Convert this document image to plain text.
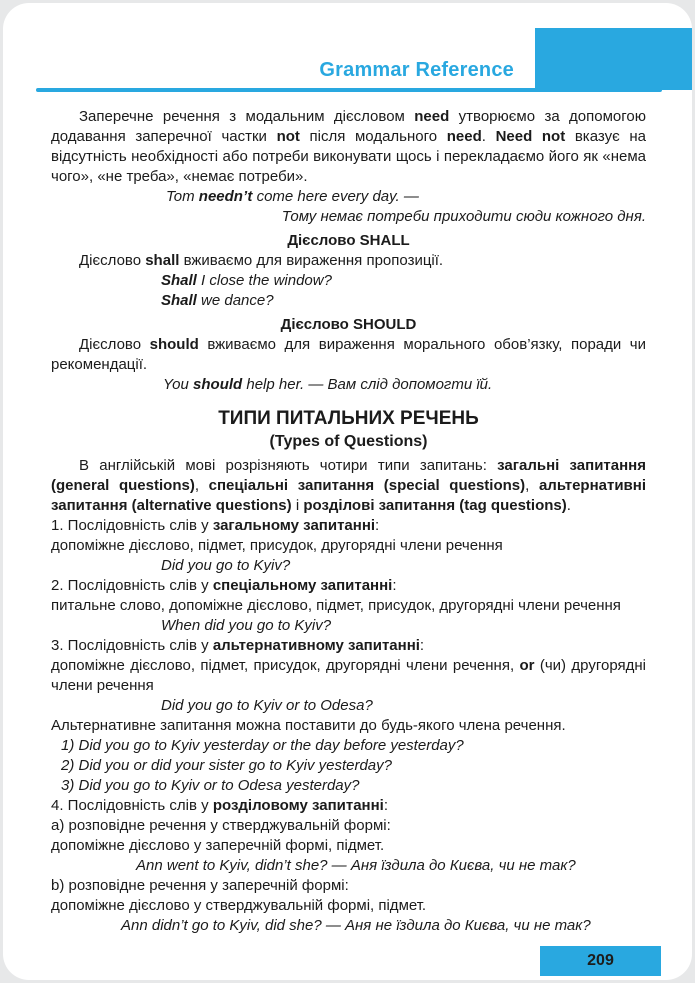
Grammar Reference

Заперечне речення з модальним дієсловом need утворюємо за допомогою додавання заперечної частки not після модального need. Need not вказує на відсутність необхідності або потреби виконувати щось і перекладаємо його як «нема чого», «не треба», «немає потреби».

Tom needn’t come here every day. —

Тому немає потреби приходити сюди кожного дня.

Дієслово SHALL

Дієслово shall вживаємо для вираження пропозиції.

Shall I close the window?

Shall we dance?

Дієслово SHOULD

Дієслово should вживаємо для вираження морального обов’язку, поради чи рекомендації.

You should help her. — Вам слід допомогти їй.

ТИПИ ПИТАЛЬНИХ РЕЧЕНЬ

(Types of Questions)

В англійській мові розрізняють чотири типи запитань: загальні запитання (general questions), спеціальні запитання (special questions), альтернативні запитання (alternative questions) і розділові запитання (tag questions).

1. Послідовність слів у загальному запитанні:

допоміжне дієслово, підмет, присудок, другорядні члени речення

Did you go to Kyiv?

2. Послідовність слів у спеціальному запитанні:

питальне слово, допоміжне дієслово, підмет, присудок, другорядні члени речення

When did you go to Kyiv?

3. Послідовність слів у альтернативному запитанні:

допоміжне дієслово, підмет, присудок, другорядні члени речення, or (чи) другорядні члени речення

Did you go to Kyiv or to Odesa?

Альтернативне запитання можна поставити до будь-якого члена речення.

1) Did you go to Kyiv yesterday or the day before yesterday?

2) Did you or did your sister go to Kyiv yesterday?

3) Did you go to Kyiv or to Odesa yesterday?

4. Послідовність слів у розділовому запитанні:

а) розповідне речення у стверджувальній формі:

допоміжне дієслово у заперечній формі, підмет.

Ann went to Kyiv, didn’t she? — Аня їздила до Києва, чи не так?

b) розповідне речення у заперечній формі:

допоміжне дієслово у стверджувальній формі, підмет.

Ann didn’t go to Kyiv, did she? — Аня не їздила до Києва, чи не так?

209
